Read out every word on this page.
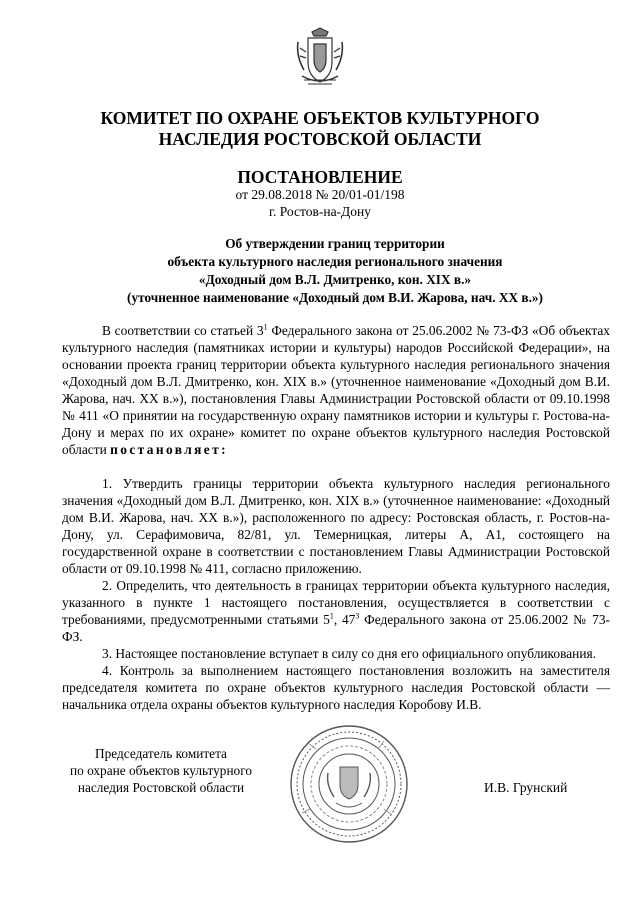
КОМИТЕТ ПО ОХРАНЕ ОБЪЕКТОВ КУЛЬТУРНОГО
НАСЛЕДИЯ РОСТОВСКОЙ ОБЛАСТИ
ПОСТАНОВЛЕНИЕ
от 29.08.2018 № 20/01-01/198
г. Ростов-на-Дону
Об утверждении границ территории
объекта культурного наследия регионального значения
«Доходный дом В.Л. Дмитренко, кон. XIX в.»
(уточненное наименование «Доходный дом В.И. Жарова, нач. XX в.»)

В соответствии со статьей $3^1$ Федерального закона от 25.06.2002 № 73-ФЗ «Об объектах культурного наследия (памятниках истории и культуры) народов Российской Федерации», на основании проекта границ территории объекта культурного наследия регионального значения «Доходный дом В.Л. Дмитренко, кон. XIX в.» (уточненное наименование «Доходный дом В.И. Жарова, нач. XX в.»), постановления Главы Администрации Ростовской области от 09.10.1998 № 411 «О принятии на государственную охрану памятников истории и культуры г. Ростова-на-Дону и мерах по их охране» комитет по охране объектов культурного наследия Ростовской области постановляет:

1. Утвердить границы территории объекта культурного наследия регионального значения «Доходный дом В.Л. Дмитренко, кон. XIX в.» (уточненное наименование: «Доходный дом В.И. Жарова, нач. XX в.»), расположенного по адресу: Ростовская область, г. Ростов-на-Дону, ул. Серафимовича, 82/81, ул. Темерницкая, литеры А, А1, состоящего на государственной охране в соответствии с постановлением Главы Администрации Ростовской области от 09.10.1998 № 411, согласно приложению.

2. Определить, что деятельность в границах территории объекта культурного наследия, указанного в пункте 1 настоящего постановления, осуществляется в соответствии с требованиями, предусмотренными статьями $5^1$, $47^3$ Федерального закона от 25.06.2002 № 73-ФЗ.

3. Настоящее постановление вступает в силу со дня его официального опубликования.

4. Контроль за выполнением настоящего постановления возложить на заместителя председателя комитета по охране объектов культурного наследия Ростовской области — начальника отдела охраны объектов культурного наследия Коробову И.В.

Председатель комитета
по охране объектов культурного
наследия Ростовской области	И.В. Грунский
